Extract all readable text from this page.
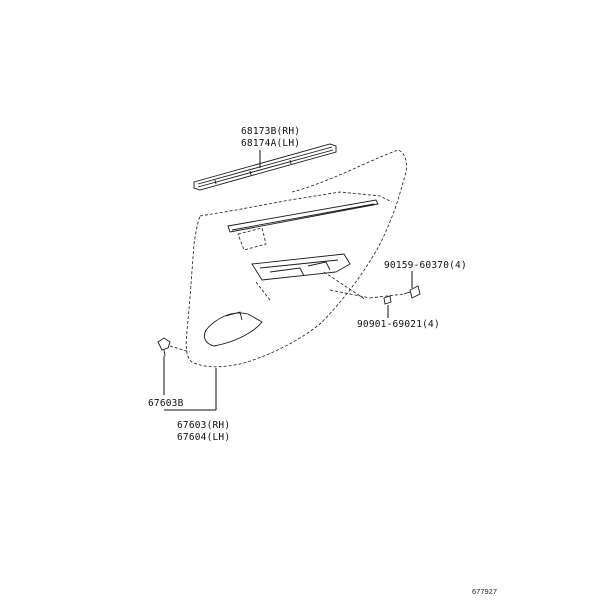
68173B(RH)
68174A(LH)
90159-60370(4)
90901-69021(4)
67603B
67603(RH)
67604(LH)
677927
